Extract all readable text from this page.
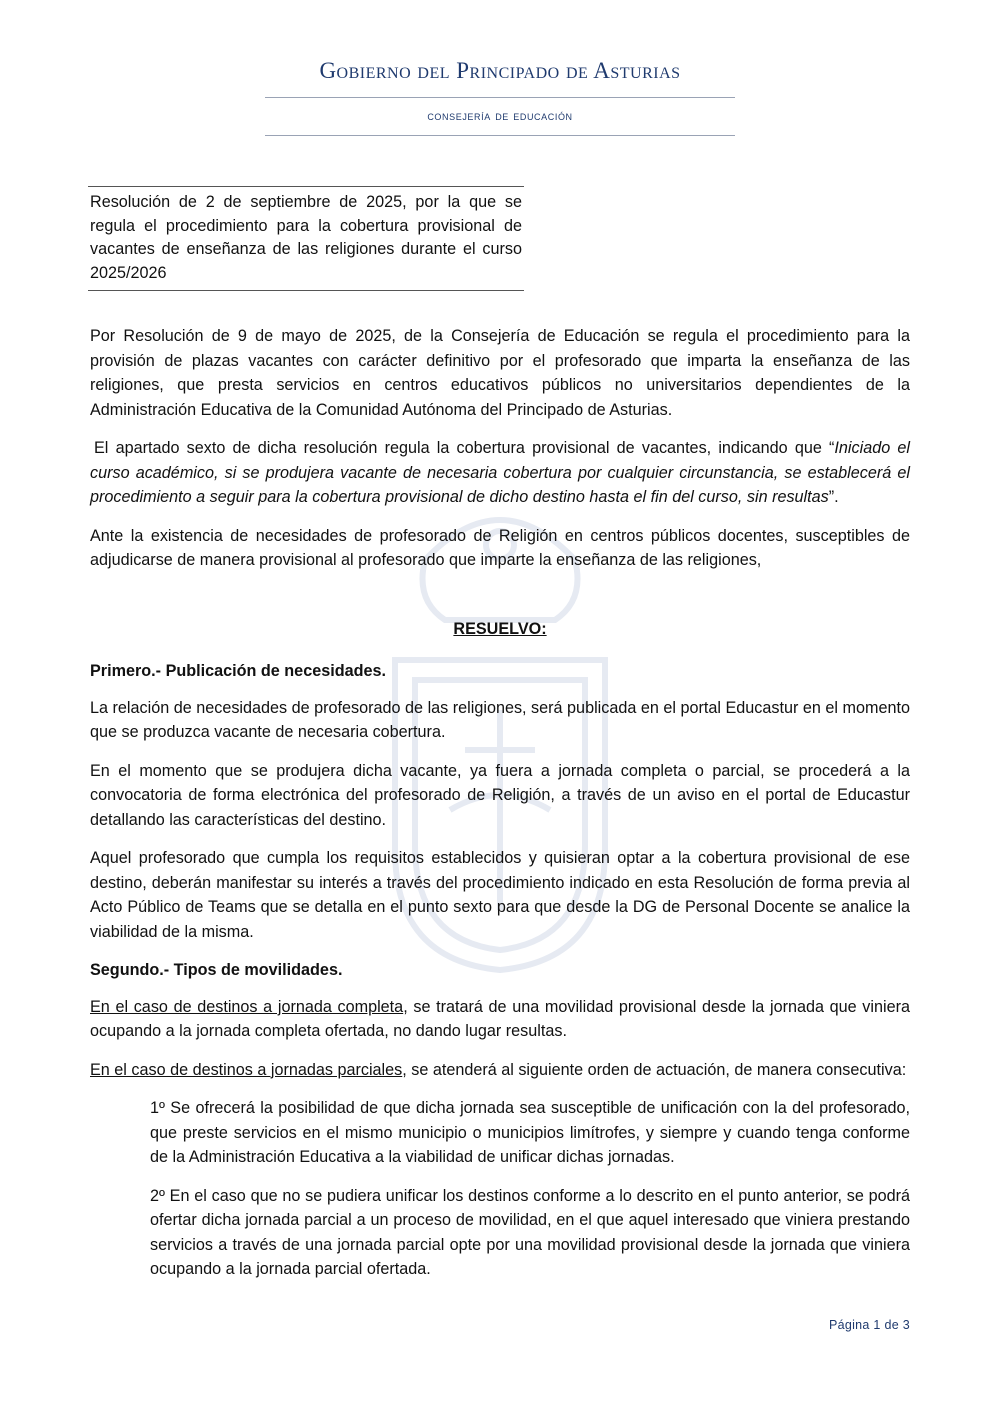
Gobierno del Principado de Asturias
consejería de educación
Resolución de 2 de septiembre de 2025, por la que se regula el procedimiento para la cobertura provisional de vacantes de enseñanza de las religiones durante el curso 2025/2026

Por Resolución de 9 de mayo de 2025, de la Consejería de Educación se regula el procedimiento para la provisión de plazas vacantes con carácter definitivo por el profesorado que imparta la enseñanza de las religiones, que presta servicios en centros educativos públicos no universitarios dependientes de la Administración Educativa de la Comunidad Autónoma del Principado de Asturias.

El apartado sexto de dicha resolución regula la cobertura provisional de vacantes, indicando que “Iniciado el curso académico, si se produjera vacante de necesaria cobertura por cualquier circunstancia, se establecerá el procedimiento a seguir para la cobertura provisional de dicho destino hasta el fin del curso, sin resultas”.

Ante la existencia de necesidades de profesorado de Religión en centros públicos docentes, susceptibles de adjudicarse de manera provisional al profesorado que imparte la enseñanza de las religiones,

RESUELVO:

Primero.- Publicación de necesidades.

La relación de necesidades de profesorado de las religiones, será publicada en el portal Educastur en el momento que se produzca vacante de necesaria cobertura.

En el momento que se produjera dicha vacante, ya fuera a jornada completa o parcial, se procederá a la convocatoria de forma electrónica del profesorado de Religión, a través de un aviso en el portal de Educastur detallando las características del destino.

Aquel profesorado que cumpla los requisitos establecidos y quisieran optar a la cobertura provisional de ese destino, deberán manifestar su interés a través del procedimiento indicado en esta Resolución de forma previa al Acto Público de Teams que se detalla en el punto sexto para que desde la DG de Personal Docente se analice la viabilidad de la misma.

Segundo.- Tipos de movilidades.

En el caso de destinos a jornada completa, se tratará de una movilidad provisional desde la jornada que viniera ocupando a la jornada completa ofertada, no dando lugar resultas.

En el caso de destinos a jornadas parciales, se atenderá al siguiente orden de actuación, de manera consecutiva:

1º Se ofrecerá la posibilidad de que dicha jornada sea susceptible de unificación con la del profesorado, que preste servicios en el mismo municipio o municipios limítrofes, y siempre y cuando tenga conforme de la Administración Educativa a la viabilidad de unificar dichas jornadas.

2º En el caso que no se pudiera unificar los destinos conforme a lo descrito en el punto anterior, se podrá ofertar dicha jornada parcial a un proceso de movilidad, en el que aquel interesado que viniera prestando servicios a través de una jornada parcial opte por una movilidad provisional desde la jornada que viniera ocupando a la jornada parcial ofertada.

Página 1 de 3
